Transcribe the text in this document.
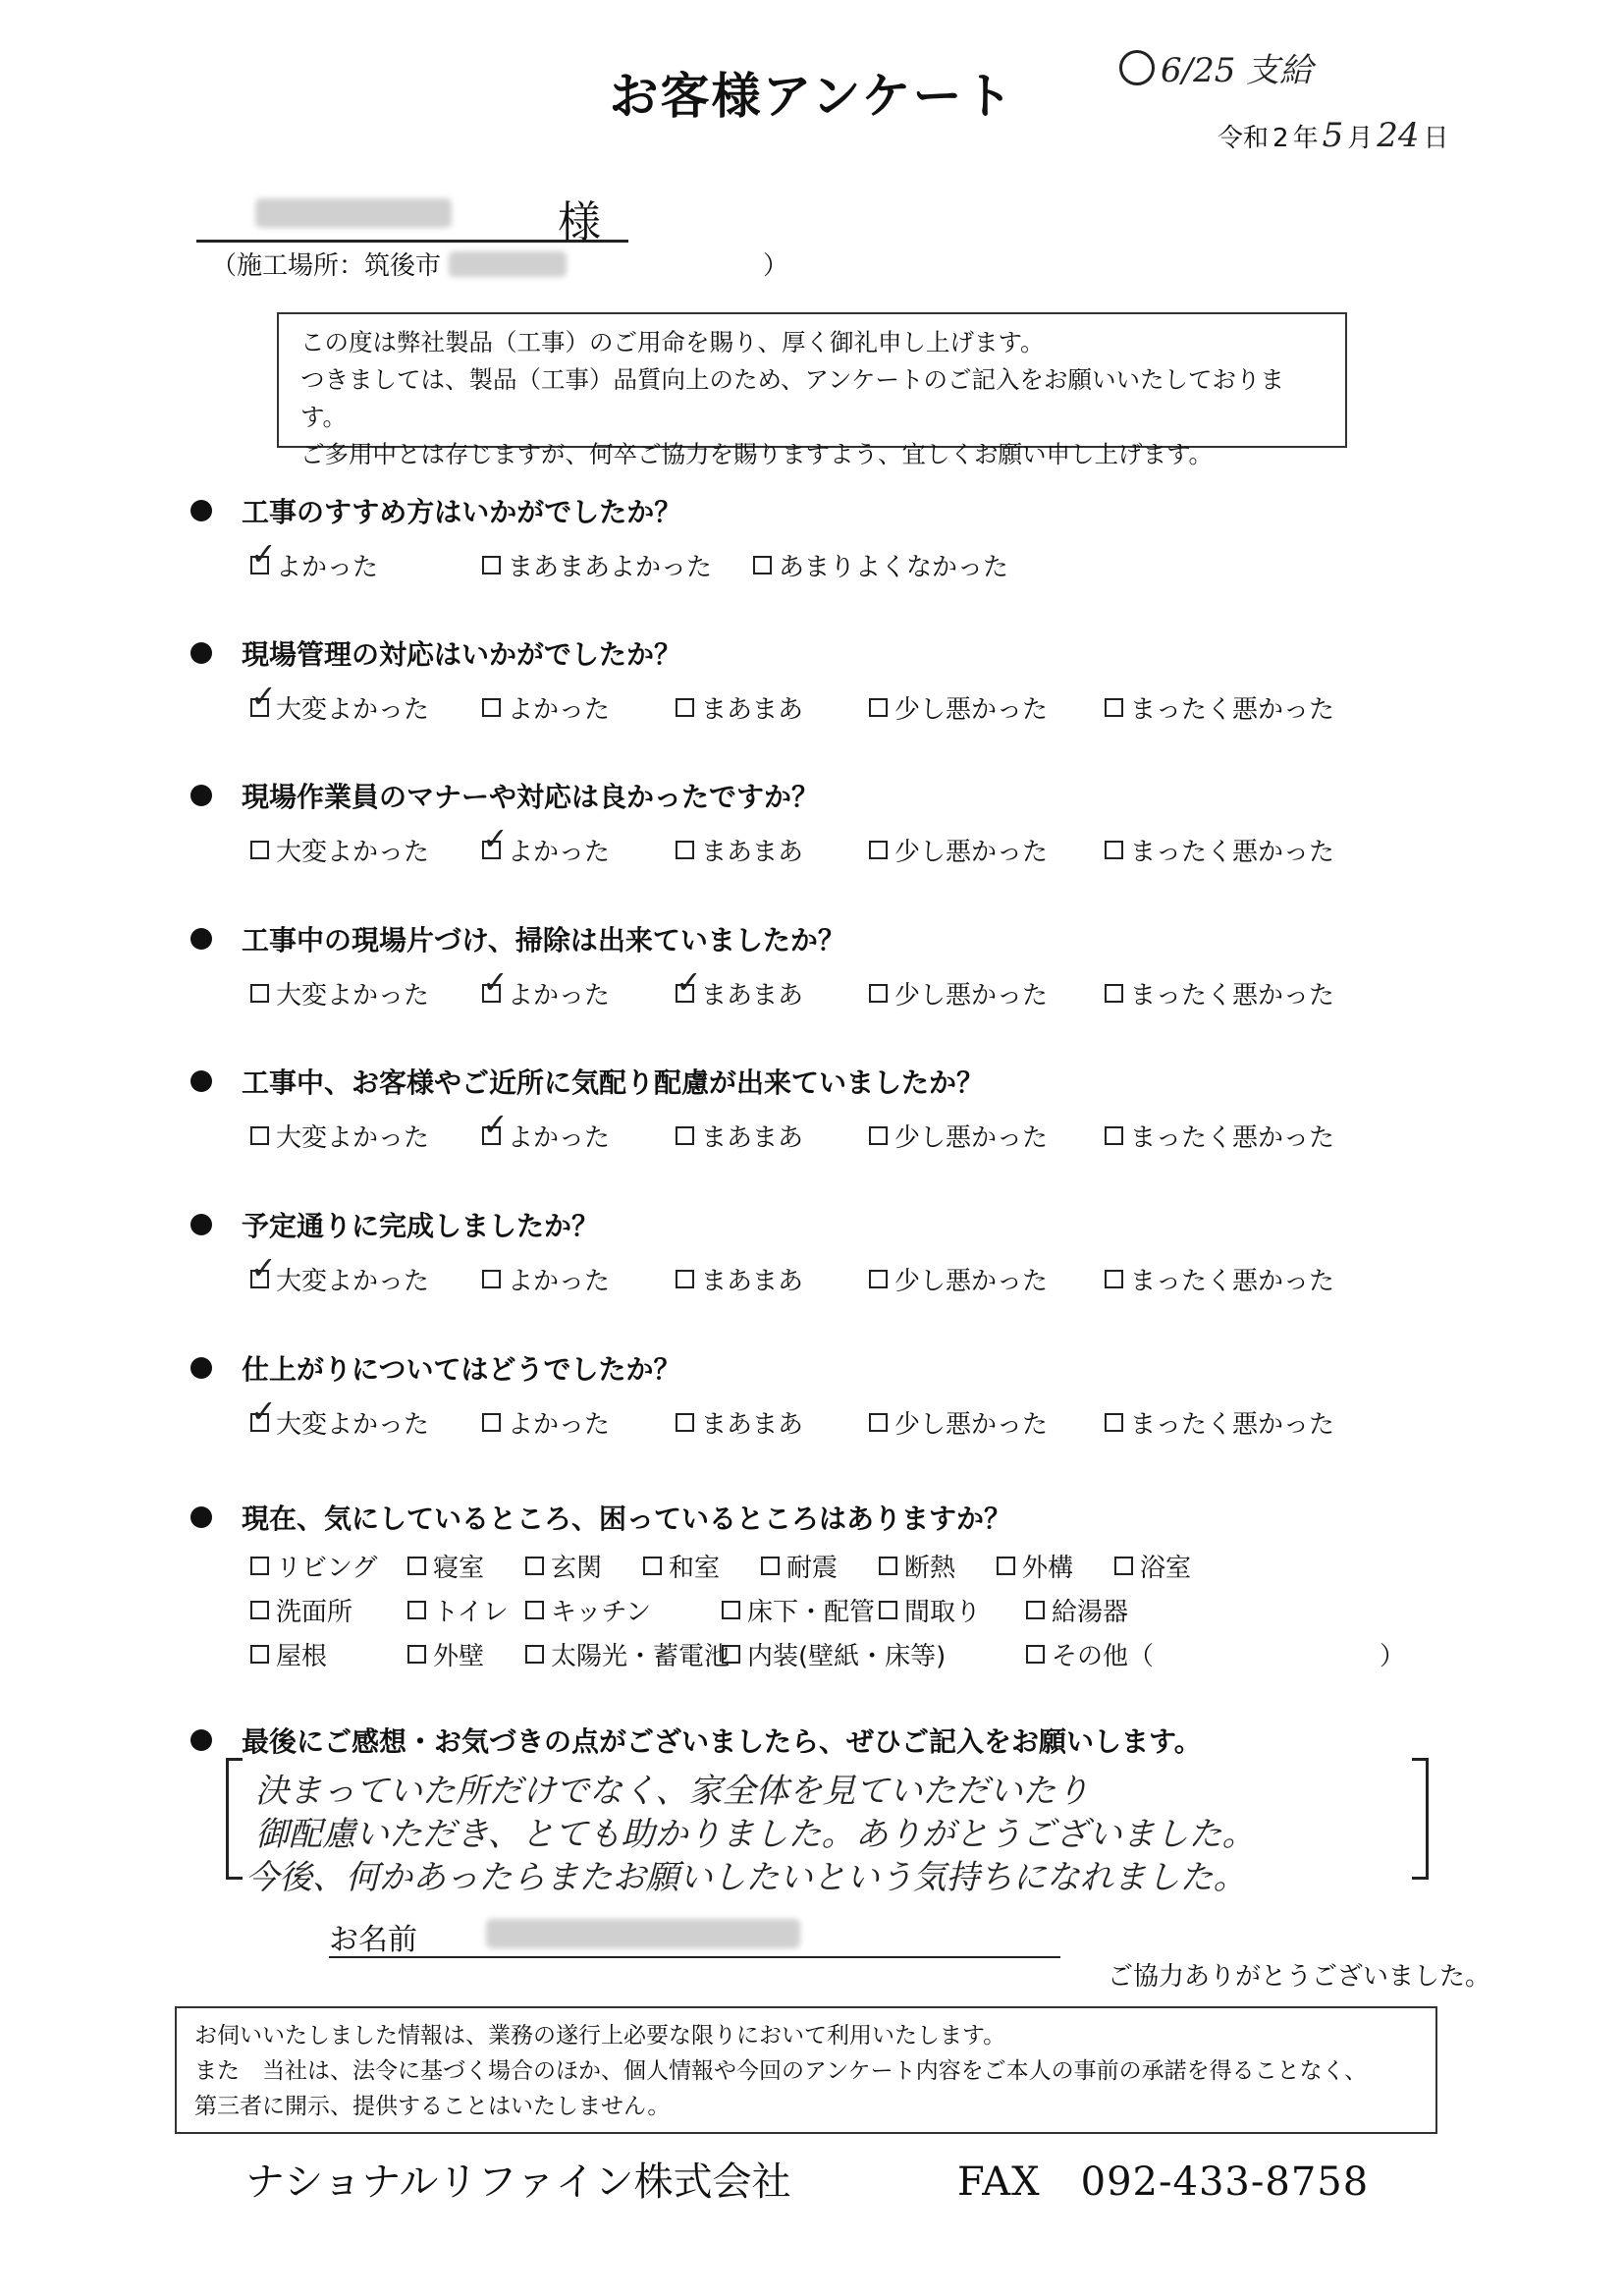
お客様アンケート	6/25 支給
令和 2 年 5 月 24 日
様
（施工場所： 筑後市	）
この度は弊社製品（工事）のご用命を賜り、厚く御礼申し上げます。
つきましては、製品（工事）品質向上のため、アンケートのご記入をお願いいたしております。
ご多用中とは存じますが、何卒ご協力を賜りますよう、宜しくお願い申し上げます。
工事のすすめ方はいかがでしたか？
✓ よかった	まあまあよかった	あまりよくなかった
現場管理の対応はいかがでしたか？
✓ 大変よかった	よかった	まあまあ	少し悪かった	まったく悪かった
現場作業員のマナーや対応は良かったですか？
大変よかった ✓ よかった	まあまあ	少し悪かった	まったく悪かった
工事中の現場片づけ、掃除は出来ていましたか？
大変よかった ✓ よかった ✓ まあまあ	少し悪かった	まったく悪かった
工事中、お客様やご近所に気配り配慮が出来ていましたか？
大変よかった ✓ よかった	まあまあ	少し悪かった	まったく悪かった
予定通りに完成しましたか？
✓ 大変よかった	よかった	まあまあ	少し悪かった	まったく悪かった
仕上がりについてはどうでしたか？
✓ 大変よかった	よかった	まあまあ	少し悪かった	まったく悪かった
現在、気にしているところ、困っているところはありますか？
リビング 寝室	玄関	和室	耐震	断熱	外構	浴室
洗面所	トイレ キッチン	床下・配管 間取り	給湯器
屋根	外壁	太陽光・蓄電池 内装(壁紙・床等)	その他（	）
最後にご感想・お気づきの点がございましたら、ぜひご記入をお願いします。
決まっていた所だけでなく、家全体を見ていただいたり
御配慮いただき、とても助かりました。ありがとうございました。
今後、何かあったらまたお願いしたいという気持ちになれました。
お名前
ご協力ありがとうございました。
お伺いいたしました情報は、業務の遂行上必要な限りにおいて利用いたします。
また　当社は、法令に基づく場合のほか、個人情報や今回のアンケート内容をご本人の事前の承諾を得ることなく、
第三者に開示、提供することはいたしません。
ナショナルリファイン株式会社	FAX　092-433-8758
